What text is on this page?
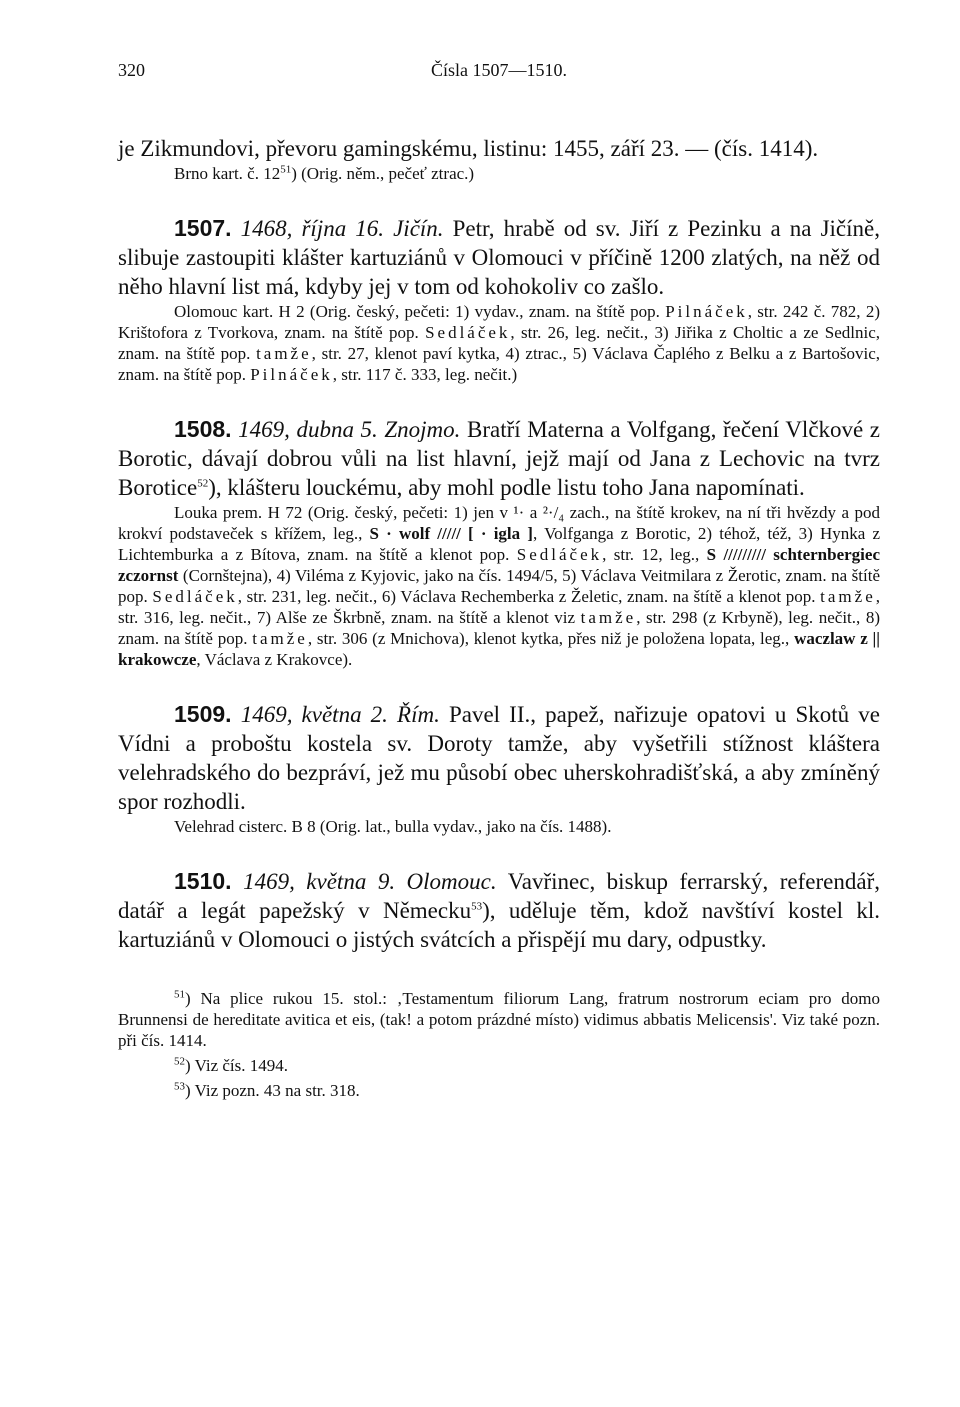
320	Čísla 1507—1510.

je Zikmundovi, převoru gamingskému, listinu: 1455, září 23. — (čís. 1414).

Brno kart. č. $12^{51}$) (Orig. něm., pečeť ztrac.)

1507. 1468, října 16. Jičín. Petr, hrabě od sv. Jiří z Pezinku a na Jičíně, slibuje zastoupiti klášter kartuziánů v Olomouci v příčině 1200 zlatých, na něž od něho hlavní list má, kdyby jej v tom od kohokoliv co zašlo.

Olomouc kart. H 2 (Orig. český, pečeti: 1) vydav., znam. na štítě pop. Pilnáček, str. 242 č. 782, 2) Krištofora z Tvorkova, znam. na štítě pop. Sedláček, str. 26, leg. nečit., 3) Jiřika z Choltic a ze Sedlnic, znam. na štítě pop. tamže, str. 27, klenot paví kytka, 4) ztrac., 5) Václava Čaplého z Belku a z Bartošovic, znam. na štítě pop. Pilnáček, str. 117 č. 333, leg. nečit.)

1508. 1469, dubna 5. Znojmo. Bratří Materna a Volfgang, řečení Vlčkové z Borotic, dávají dobrou vůli na list hlavní, jejž mají od Jana z Lechovic na tvrz Borotice$^{52}$), klášteru louckému, aby mohl podle listu toho Jana napomínati.

Louka prem. H 72 (Orig. český, pečeti: 1) jen v ¹· a ²·/₄ zach., na štítě krokev, na ní tři hvězdy a pod krokví podstaveček s křížem, leg., S · wolf ///// [ · igla ], Volfganga z Borotic, 2) téhož, též, 3) Hynka z Lichtemburka a z Bítova, znam. na štítě a klenot pop. Sedláček, str. 12, leg., S ///////// schternbergiec zczornst (Cornštejna), 4) Viléma z Kyjovic, jako na čís. 1494/5, 5) Václava Veitmilara z Žerotic, znam. na štítě pop. Sedláček, str. 231, leg. nečit., 6) Václava Rechemberka z Želetic, znam. na štítě a klenot pop. tamže, str. 316, leg. nečit., 7) Alše ze Škrbně, znam. na štítě a klenot viz tamže, str. 298 (z Krbyně), leg. nečit., 8) znam. na štítě pop. tamže, str. 306 (z Mnichova), klenot kytka, přes niž je položena lopata, leg., waczlaw z || krakowcze, Václava z Krakovce).

1509. 1469, května 2. Řím. Pavel II., papež, nařizuje opatovi u Skotů ve Vídni a proboštu kostela sv. Doroty tamže, aby vyšetřili stížnost kláštera velehradského do bezpráví, jež mu působí obec uherskohradišťská, a aby zmíněný spor rozhodli.

Velehrad cisterc. B 8 (Orig. lat., bulla vydav., jako na čís. 1488).

1510. 1469, května 9. Olomouc. Vavřinec, biskup ferrarský, referendář, datář a legát papežský v Německu$^{53}$), uděluje těm, kdož navštíví kostel kl. kartuziánů v Olomouci o jistých svátcích a přispějí mu dary, odpustky.

$^{51}$) Na plice rukou 15. stol.: ‚Testamentum filiorum Lang, fratrum nostrorum eciam pro domo Brunnensi de hereditate avitica et eis, (tak! a potom prázdné místo) vidimus abbatis Melicensis'. Viz také pozn. při čís. 1414.

$^{52}$) Viz čís. 1494.

$^{53}$) Viz pozn. 43 na str. 318.
